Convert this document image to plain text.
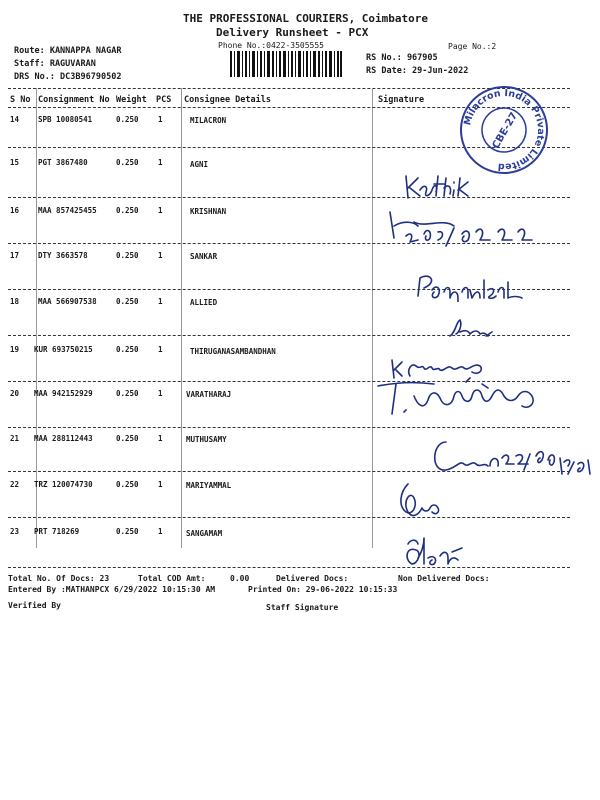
THE PROFESSIONAL COURIERS, Coimbatore
Delivery Runsheet - PCX
Phone No.:0422-3505555	Page No.:2
Route: KANNAPPA NAGAR
Staff: RAGUVARAN
DRS No.: DC3B96790502
RS No.: 967905
RS Date: 29-Jun-2022
S No Consignment No Weight PCS Consignee Details	Signature
14	SPB 10080541	0.250	1	MILACRON
15	PGT 3867480	0.250	1	AGNI
16	MAA 857425455	0.250	1	KRISHNAN
17	DTY 3663578	0.250	1	SANKAR
18	MAA 566907538	0.250	1	ALLIED
19 KUR 693750215	0.250	1	THIRUGANASAMBANDHAN
20 MAA 942152929	0.250	1	VARATHARAJ
21 MAA 288112443	0.250	1	MUTHUSAMY
22 TRZ 120074730	0.250	1	MARIYAMMAL
23 PRT 718269	0.250	1	SANGAMAM
Milacron India Private Limited
CBE-27
Total No. Of Docs: 23	Total COD Amt:	0.00	Delivered Docs:	Non Delivered Docs:
Entered By :MATHANPCX 6/29/2022 10:15:30 AM	Printed On: 29-06-2022 10:15:33
Verified By	Staff Signature
